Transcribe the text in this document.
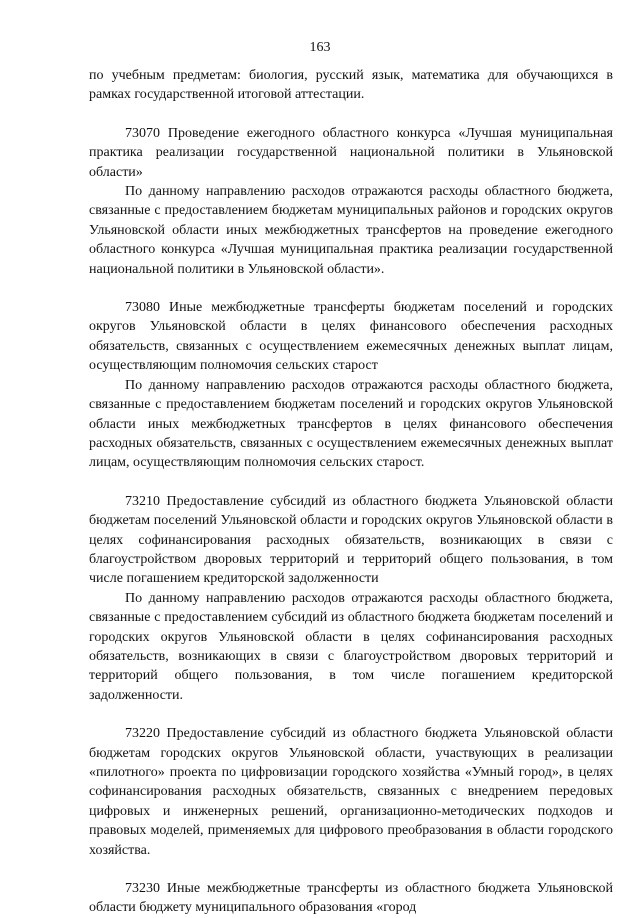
163

по учебным предметам: биология, русский язык, математика для обучающихся в рамках государственной итоговой аттестации.

73070 Проведение ежегодного областного конкурса «Лучшая муниципальная практика реализации государственной национальной политики в Ульяновской области»

По данному направлению расходов отражаются расходы областного бюджета, связанные с предоставлением бюджетам муниципальных районов и городских округов Ульяновской области иных межбюджетных трансфертов на проведение ежегодного областного конкурса «Лучшая муниципальная практика реализации государственной национальной политики в Ульяновской области».

73080 Иные межбюджетные трансферты бюджетам поселений и городских округов Ульяновской области в целях финансового обеспечения расходных обязательств, связанных с осуществлением ежемесячных денежных выплат лицам, осуществляющим полномочия сельских старост

По данному направлению расходов отражаются расходы областного бюджета, связанные с предоставлением бюджетам поселений и городских округов Ульяновской области иных межбюджетных трансфертов в целях финансового обеспечения расходных обязательств, связанных с осуществлением ежемесячных денежных выплат лицам, осуществляющим полномочия сельских старост.

73210 Предоставление субсидий из областного бюджета Ульяновской области бюджетам поселений Ульяновской области и городских округов Ульяновской области в целях софинансирования расходных обязательств, возникающих в связи с благоустройством дворовых территорий и территорий общего пользования, в том числе погашением кредиторской задолженности

По данному направлению расходов отражаются расходы областного бюджета, связанные с предоставлением субсидий из областного бюджета бюджетам поселений и городских округов Ульяновской области в целях софинансирования расходных обязательств, возникающих в связи с благоустройством дворовых территорий и территорий общего пользования, в том числе погашением кредиторской задолженности.

73220 Предоставление субсидий из областного бюджета Ульяновской области бюджетам городских округов Ульяновской области, участвующих в реализации «пилотного» проекта по цифровизации городского хозяйства «Умный город», в целях софинансирования расходных обязательств, связанных с внедрением передовых цифровых и инженерных решений, организационно-методических подходов и правовых моделей, применяемых для цифрового преобразования в области городского хозяйства.

73230 Иные межбюджетные трансферты из областного бюджета Ульяновской области бюджету муниципального образования «город
